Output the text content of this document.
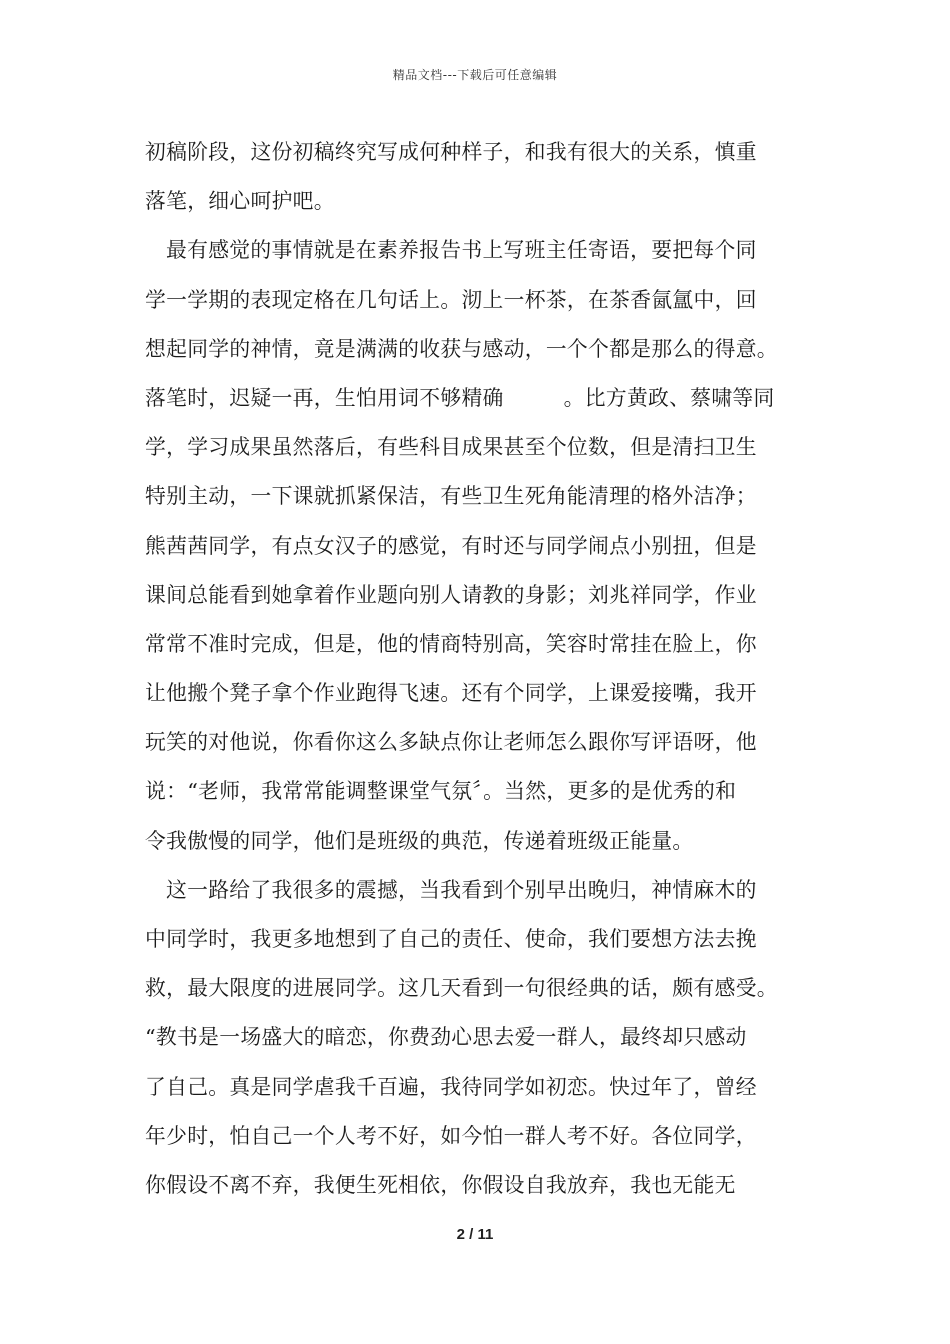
精品文档---下载后可任意编辑
初稿阶段，这份初稿终究写成何种样子，和我有很大的关系，慎重
落笔，细心呵护吧。
最有感觉的事情就是在素养报告书上写班主任寄语，要把每个同
学一学期的表现定格在几句话上。沏上一杯茶，在茶香氤氲中，回
想起同学的神情，竟是满满的收获与感动，一个个都是那么的得意。
落笔时，迟疑一再，生怕用词不够精确	。比方黄政、蔡啸等同
学，学习成果虽然落后，有些科目成果甚至个位数，但是清扫卫生
特别主动，一下课就抓紧保洁，有些卫生死角能清理的格外洁净；
熊茜茜同学，有点女汉子的感觉，有时还与同学闹点小别扭，但是
课间总能看到她拿着作业题向别人请教的身影；刘兆祥同学，作业
常常不准时完成，但是，他的情商特别高，笑容时常挂在脸上，你
让他搬个凳子拿个作业跑得飞速。还有个同学，上课爱接嘴，我开
玩笑的对他说，你看你这么多缺点你让老师怎么跟你写评语呀，他
说：“老师，我常常能调整课堂气氛〞。当然，更多的是优秀的和
令我傲慢的同学，他们是班级的典范，传递着班级正能量。
这一路给了我很多的震撼，当我看到个别早出晚归，神情麻木的
中同学时，我更多地想到了自己的责任、使命，我们要想方法去挽
救，最大限度的进展同学。这几天看到一句很经典的话，颇有感受。
“教书是一场盛大的暗恋，你费劲心思去爱一群人，最终却只感动
了自己。真是同学虐我千百遍，我待同学如初恋。快过年了，曾经
年少时，怕自己一个人考不好，如今怕一群人考不好。各位同学，
你假设不离不弃，我便生死相依，你假设自我放弃，我也无能无
2 / 11
